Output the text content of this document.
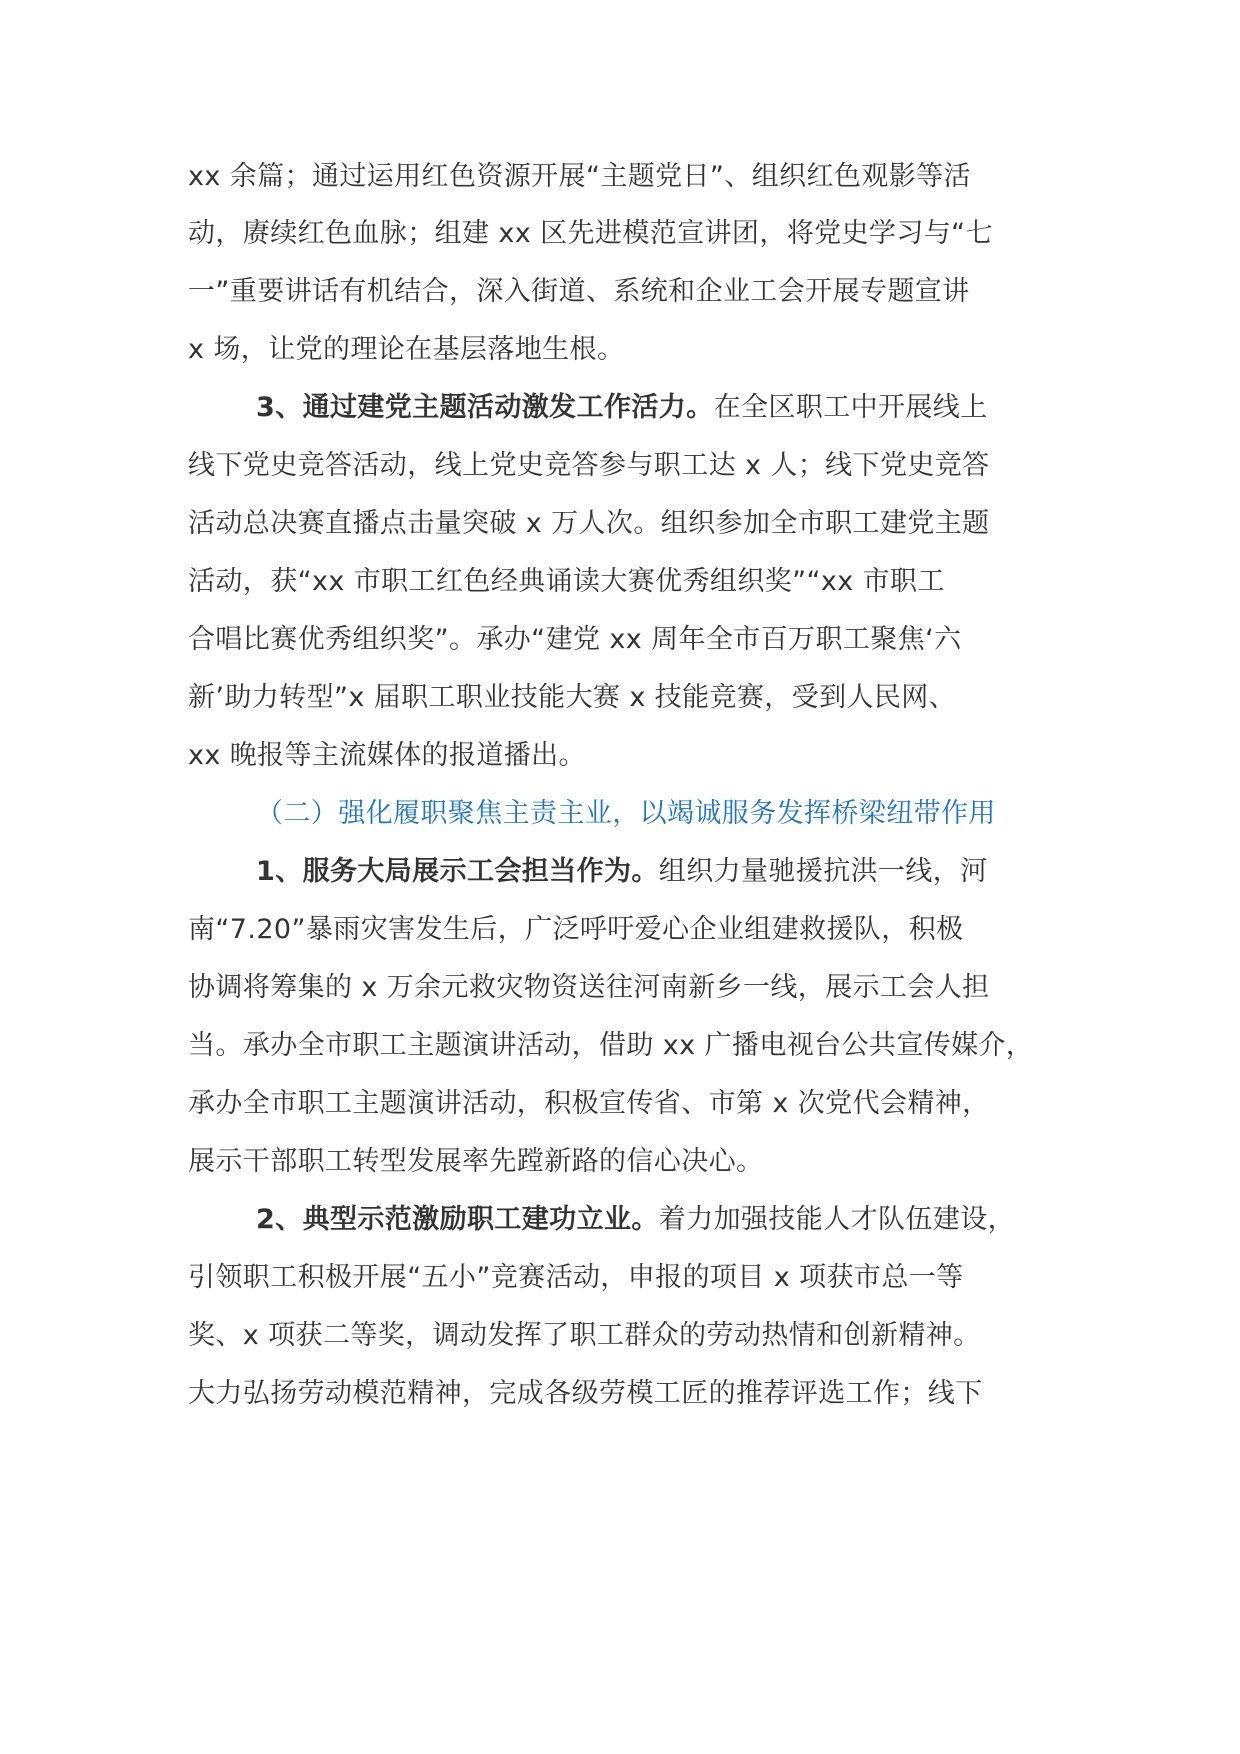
xx 余篇；通过运用红色资源开展“主题党日”、组织红色观影等活
动，赓续红色血脉；组建 xx 区先进模范宣讲团，将党史学习与“七
一”重要讲话有机结合，深入街道、系统和企业工会开展专题宣讲
x 场，让党的理论在基层落地生根。
3、通过建党主题活动激发工作活力。在全区职工中开展线上
线下党史竞答活动，线上党史竞答参与职工达 x 人；线下党史竞答
活动总决赛直播点击量突破 x 万人次。组织参加全市职工建党主题
活动，获“xx 市职工红色经典诵读大赛优秀组织奖”“xx 市职工
合唱比赛优秀组织奖”。承办“建党 xx 周年全市百万职工聚焦‘六
新’助力转型”x 届职工职业技能大赛 x 技能竞赛，受到人民网、
xx 晚报等主流媒体的报道播出。
（二）强化履职聚焦主责主业，以竭诚服务发挥桥梁纽带作用
1、服务大局展示工会担当作为。组织力量驰援抗洪一线，河
南“7.20”暴雨灾害发生后，广泛呼吁爱心企业组建救援队，积极
协调将筹集的 x 万余元救灾物资送往河南新乡一线，展示工会人担
当。承办全市职工主题演讲活动，借助 xx 广播电视台公共宣传媒介，
承办全市职工主题演讲活动，积极宣传省、市第 x 次党代会精神，
展示干部职工转型发展率先蹚新路的信心决心。
2、典型示范激励职工建功立业。着力加强技能人才队伍建设，
引领职工积极开展“五小”竞赛活动，申报的项目 x 项获市总一等
奖、x 项获二等奖，调动发挥了职工群众的劳动热情和创新精神。
大力弘扬劳动模范精神，完成各级劳模工匠的推荐评选工作；线下
